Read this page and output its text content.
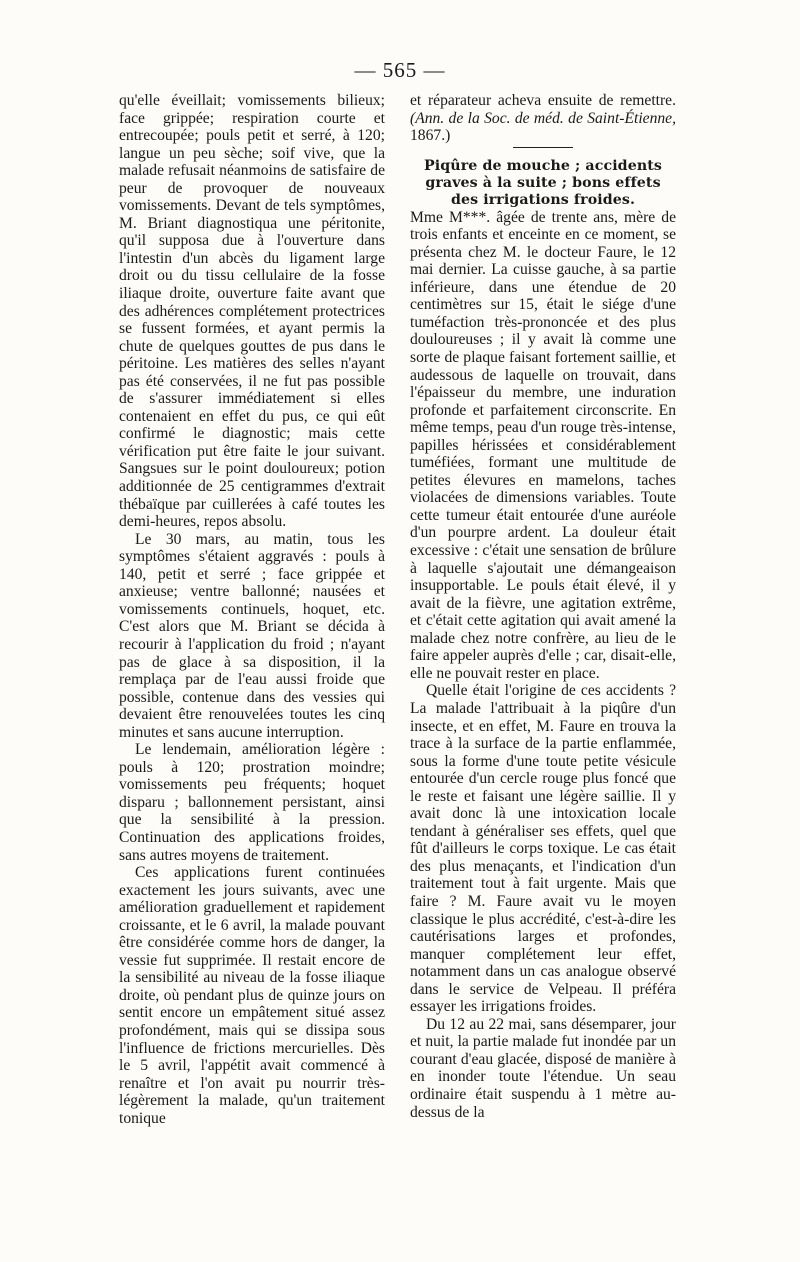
— 565 —

qu'elle éveillait; vomissements bilieux; face grippée; respiration courte et entrecoupée; pouls petit et serré, à 120; langue un peu sèche; soif vive, que la malade refusait néanmoins de satisfaire de peur de provoquer de nouveaux vomissements. Devant de tels symptômes, M. Briant diagnostiqua une péritonite, qu'il supposa due à l'ouverture dans l'intestin d'un abcès du ligament large droit ou du tissu cellulaire de la fosse iliaque droite, ouverture faite avant que des adhérences complétement protectrices se fussent formées, et ayant permis la chute de quelques gouttes de pus dans le péritoine. Les matières des selles n'ayant pas été conservées, il ne fut pas possible de s'assurer immédiatement si elles contenaient en effet du pus, ce qui eût confirmé le diagnostic; mais cette vérification put être faite le jour suivant. Sangsues sur le point douloureux; potion additionnée de 25 centigrammes d'extrait thébaïque par cuillerées à café toutes les demi-heures, repos absolu.

Le 30 mars, au matin, tous les symptômes s'étaient aggravés : pouls à 140, petit et serré ; face grippée et anxieuse; ventre ballonné; nausées et vomissements continuels, hoquet, etc. C'est alors que M. Briant se décida à recourir à l'application du froid ; n'ayant pas de glace à sa disposition, il la remplaça par de l'eau aussi froide que possible, contenue dans des vessies qui devaient être renouvelées toutes les cinq minutes et sans aucune interruption.

Le lendemain, amélioration légère : pouls à 120; prostration moindre; vomissements peu fréquents; hoquet disparu ; ballonnement persistant, ainsi que la sensibilité à la pression. Continuation des applications froides, sans autres moyens de traitement.

Ces applications furent continuées exactement les jours suivants, avec une amélioration graduellement et rapidement croissante, et le 6 avril, la malade pouvant être considérée comme hors de danger, la vessie fut supprimée. Il restait encore de la sensibilité au niveau de la fosse iliaque droite, où pendant plus de quinze jours on sentit encore un empâtement situé assez profondément, mais qui se dissipa sous l'influence de frictions mercurielles. Dès le 5 avril, l'appétit avait commencé à renaître et l'on avait pu nourrir très-légèrement la malade, qu'un traitement tonique

et réparateur acheva ensuite de remettre. (Ann. de la Soc. de méd. de Saint-Étienne, 1867.)

Piqûre de mouche ; accidents graves à la suite ; bons effets des irrigations froides.

Mme M***. âgée de trente ans, mère de trois enfants et enceinte en ce moment, se présenta chez M. le docteur Faure, le 12 mai dernier. La cuisse gauche, à sa partie inférieure, dans une étendue de 20 centimètres sur 15, était le siége d'une tuméfaction très-prononcée et des plus douloureuses ; il y avait là comme une sorte de plaque faisant fortement saillie, et audessous de laquelle on trouvait, dans l'épaisseur du membre, une induration profonde et parfaitement circonscrite. En même temps, peau d'un rouge très-intense, papilles hérissées et considérablement tuméfiées, formant une multitude de petites élevures en mamelons, taches violacées de dimensions variables. Toute cette tumeur était entourée d'une auréole d'un pourpre ardent. La douleur était excessive : c'était une sensation de brûlure à laquelle s'ajoutait une démangeaison insupportable. Le pouls était élevé, il y avait de la fièvre, une agitation extrême, et c'était cette agitation qui avait amené la malade chez notre confrère, au lieu de le faire appeler auprès d'elle ; car, disait-elle, elle ne pouvait rester en place.

Quelle était l'origine de ces accidents ? La malade l'attribuait à la piqûre d'un insecte, et en effet, M. Faure en trouva la trace à la surface de la partie enflammée, sous la forme d'une toute petite vésicule entourée d'un cercle rouge plus foncé que le reste et faisant une légère saillie. Il y avait donc là une intoxication locale tendant à généraliser ses effets, quel que fût d'ailleurs le corps toxique. Le cas était des plus menaçants, et l'indication d'un traitement tout à fait urgente. Mais que faire ? M. Faure avait vu le moyen classique le plus accrédité, c'est-à-dire les cautérisations larges et profondes, manquer complétement leur effet, notamment dans un cas analogue observé dans le service de Velpeau. Il préféra essayer les irrigations froides.

Du 12 au 22 mai, sans désemparer, jour et nuit, la partie malade fut inondée par un courant d'eau glacée, disposé de manière à en inonder toute l'étendue. Un seau ordinaire était suspendu à 1 mètre au-dessus de la
